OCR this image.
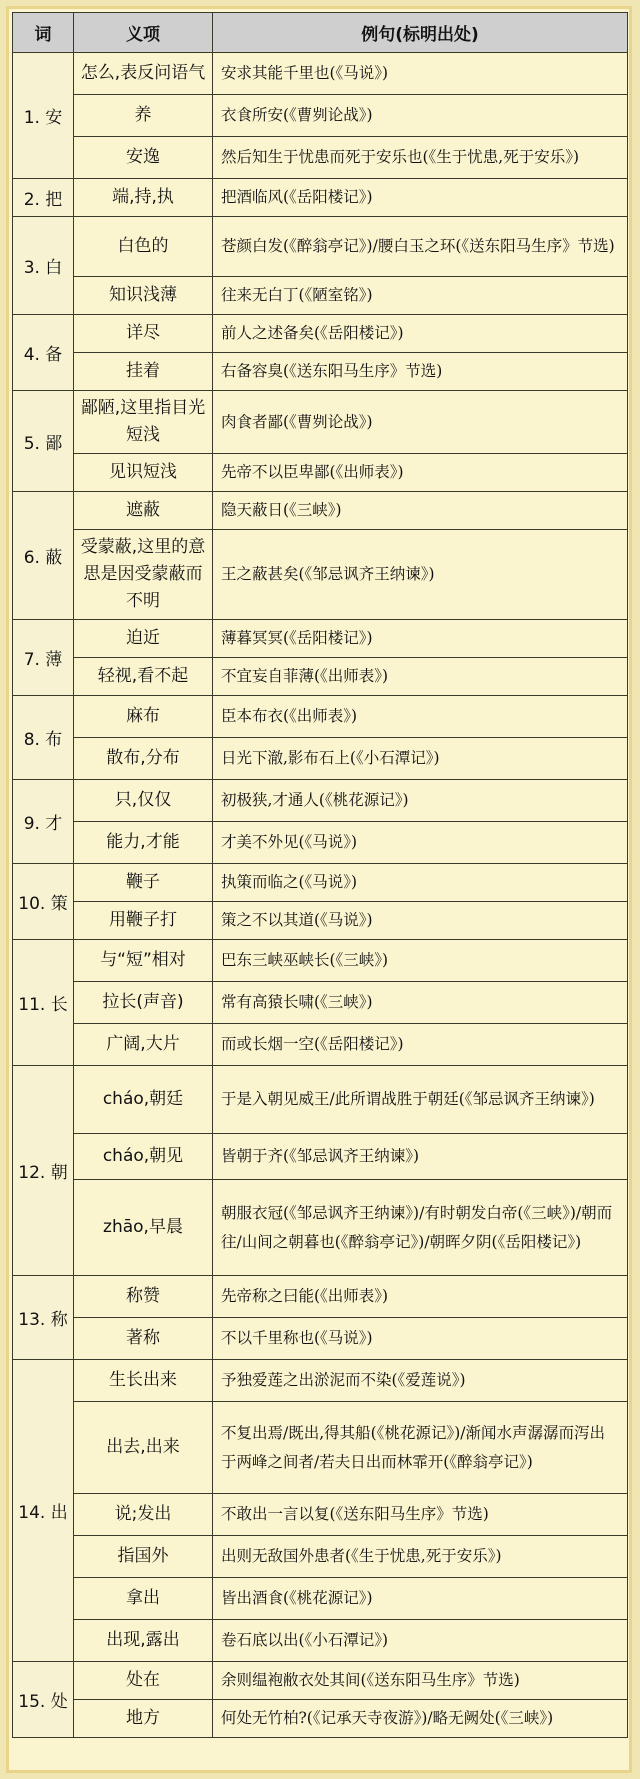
词	义项	例句(标明出处)
1. 安	怎么,表反问语气	安求其能千里也(《马说》)
	养	衣食所安(《曹刿论战》)
	安逸	然后知生于忧患而死于安乐也(《生于忧患,死于安乐》)
2. 把	端,持,执	把酒临风(《岳阳楼记》)
3. 白	白色的	苍颜白发(《醉翁亭记》)/腰白玉之环(《送东阳马生序》节选)
	知识浅薄	往来无白丁(《陋室铭》)
4. 备	详尽	前人之述备矣(《岳阳楼记》)
	挂着	右备容臭(《送东阳马生序》节选)
5. 鄙	鄙陋,这里指目光短浅	肉食者鄙(《曹刿论战》)
	见识短浅	先帝不以臣卑鄙(《出师表》)
6. 蔽	遮蔽	隐天蔽日(《三峡》)
	受蒙蔽,这里的意思是因受蒙蔽而不明	王之蔽甚矣(《邹忌讽齐王纳谏》)
7. 薄	迫近	薄暮冥冥(《岳阳楼记》)
	轻视,看不起	不宜妄自菲薄(《出师表》)
8. 布	麻布	臣本布衣(《出师表》)
	散布,分布	日光下澈,影布石上(《小石潭记》)
9. 才	只,仅仅	初极狭,才通人(《桃花源记》)
	能力,才能	才美不外见(《马说》)
10. 策	鞭子	执策而临之(《马说》)
	用鞭子打	策之不以其道(《马说》)
11. 长	与“短”相对	巴东三峡巫峡长(《三峡》)
	拉长(声音)	常有高猿长啸(《三峡》)
	广阔,大片	而或长烟一空(《岳阳楼记》)
12. 朝	cháo,朝廷	于是入朝见威王/此所谓战胜于朝廷(《邹忌讽齐王纳谏》)
	cháo,朝见	皆朝于齐(《邹忌讽齐王纳谏》)
	zhāo,早晨	朝服衣冠(《邹忌讽齐王纳谏》)/有时朝发白帝(《三峡》)/朝而往/山间之朝暮也(《醉翁亭记》)/朝晖夕阴(《岳阳楼记》)
13. 称	称赞	先帝称之曰能(《出师表》)
	著称	不以千里称也(《马说》)
14. 出	生长出来	予独爱莲之出淤泥而不染(《爱莲说》)
	出去,出来	不复出焉/既出,得其船(《桃花源记》)/渐闻水声潺潺而泻出于两峰之间者/若夫日出而林霏开(《醉翁亭记》)
	说;发出	不敢出一言以复(《送东阳马生序》节选)
	指国外	出则无敌国外患者(《生于忧患,死于安乐》)
	拿出	皆出酒食(《桃花源记》)
	出现,露出	卷石底以出(《小石潭记》)
15. 处	处在	余则缊袍敝衣处其间(《送东阳马生序》节选)
	地方	何处无竹柏?(《记承天寺夜游》)/略无阙处(《三峡》)
